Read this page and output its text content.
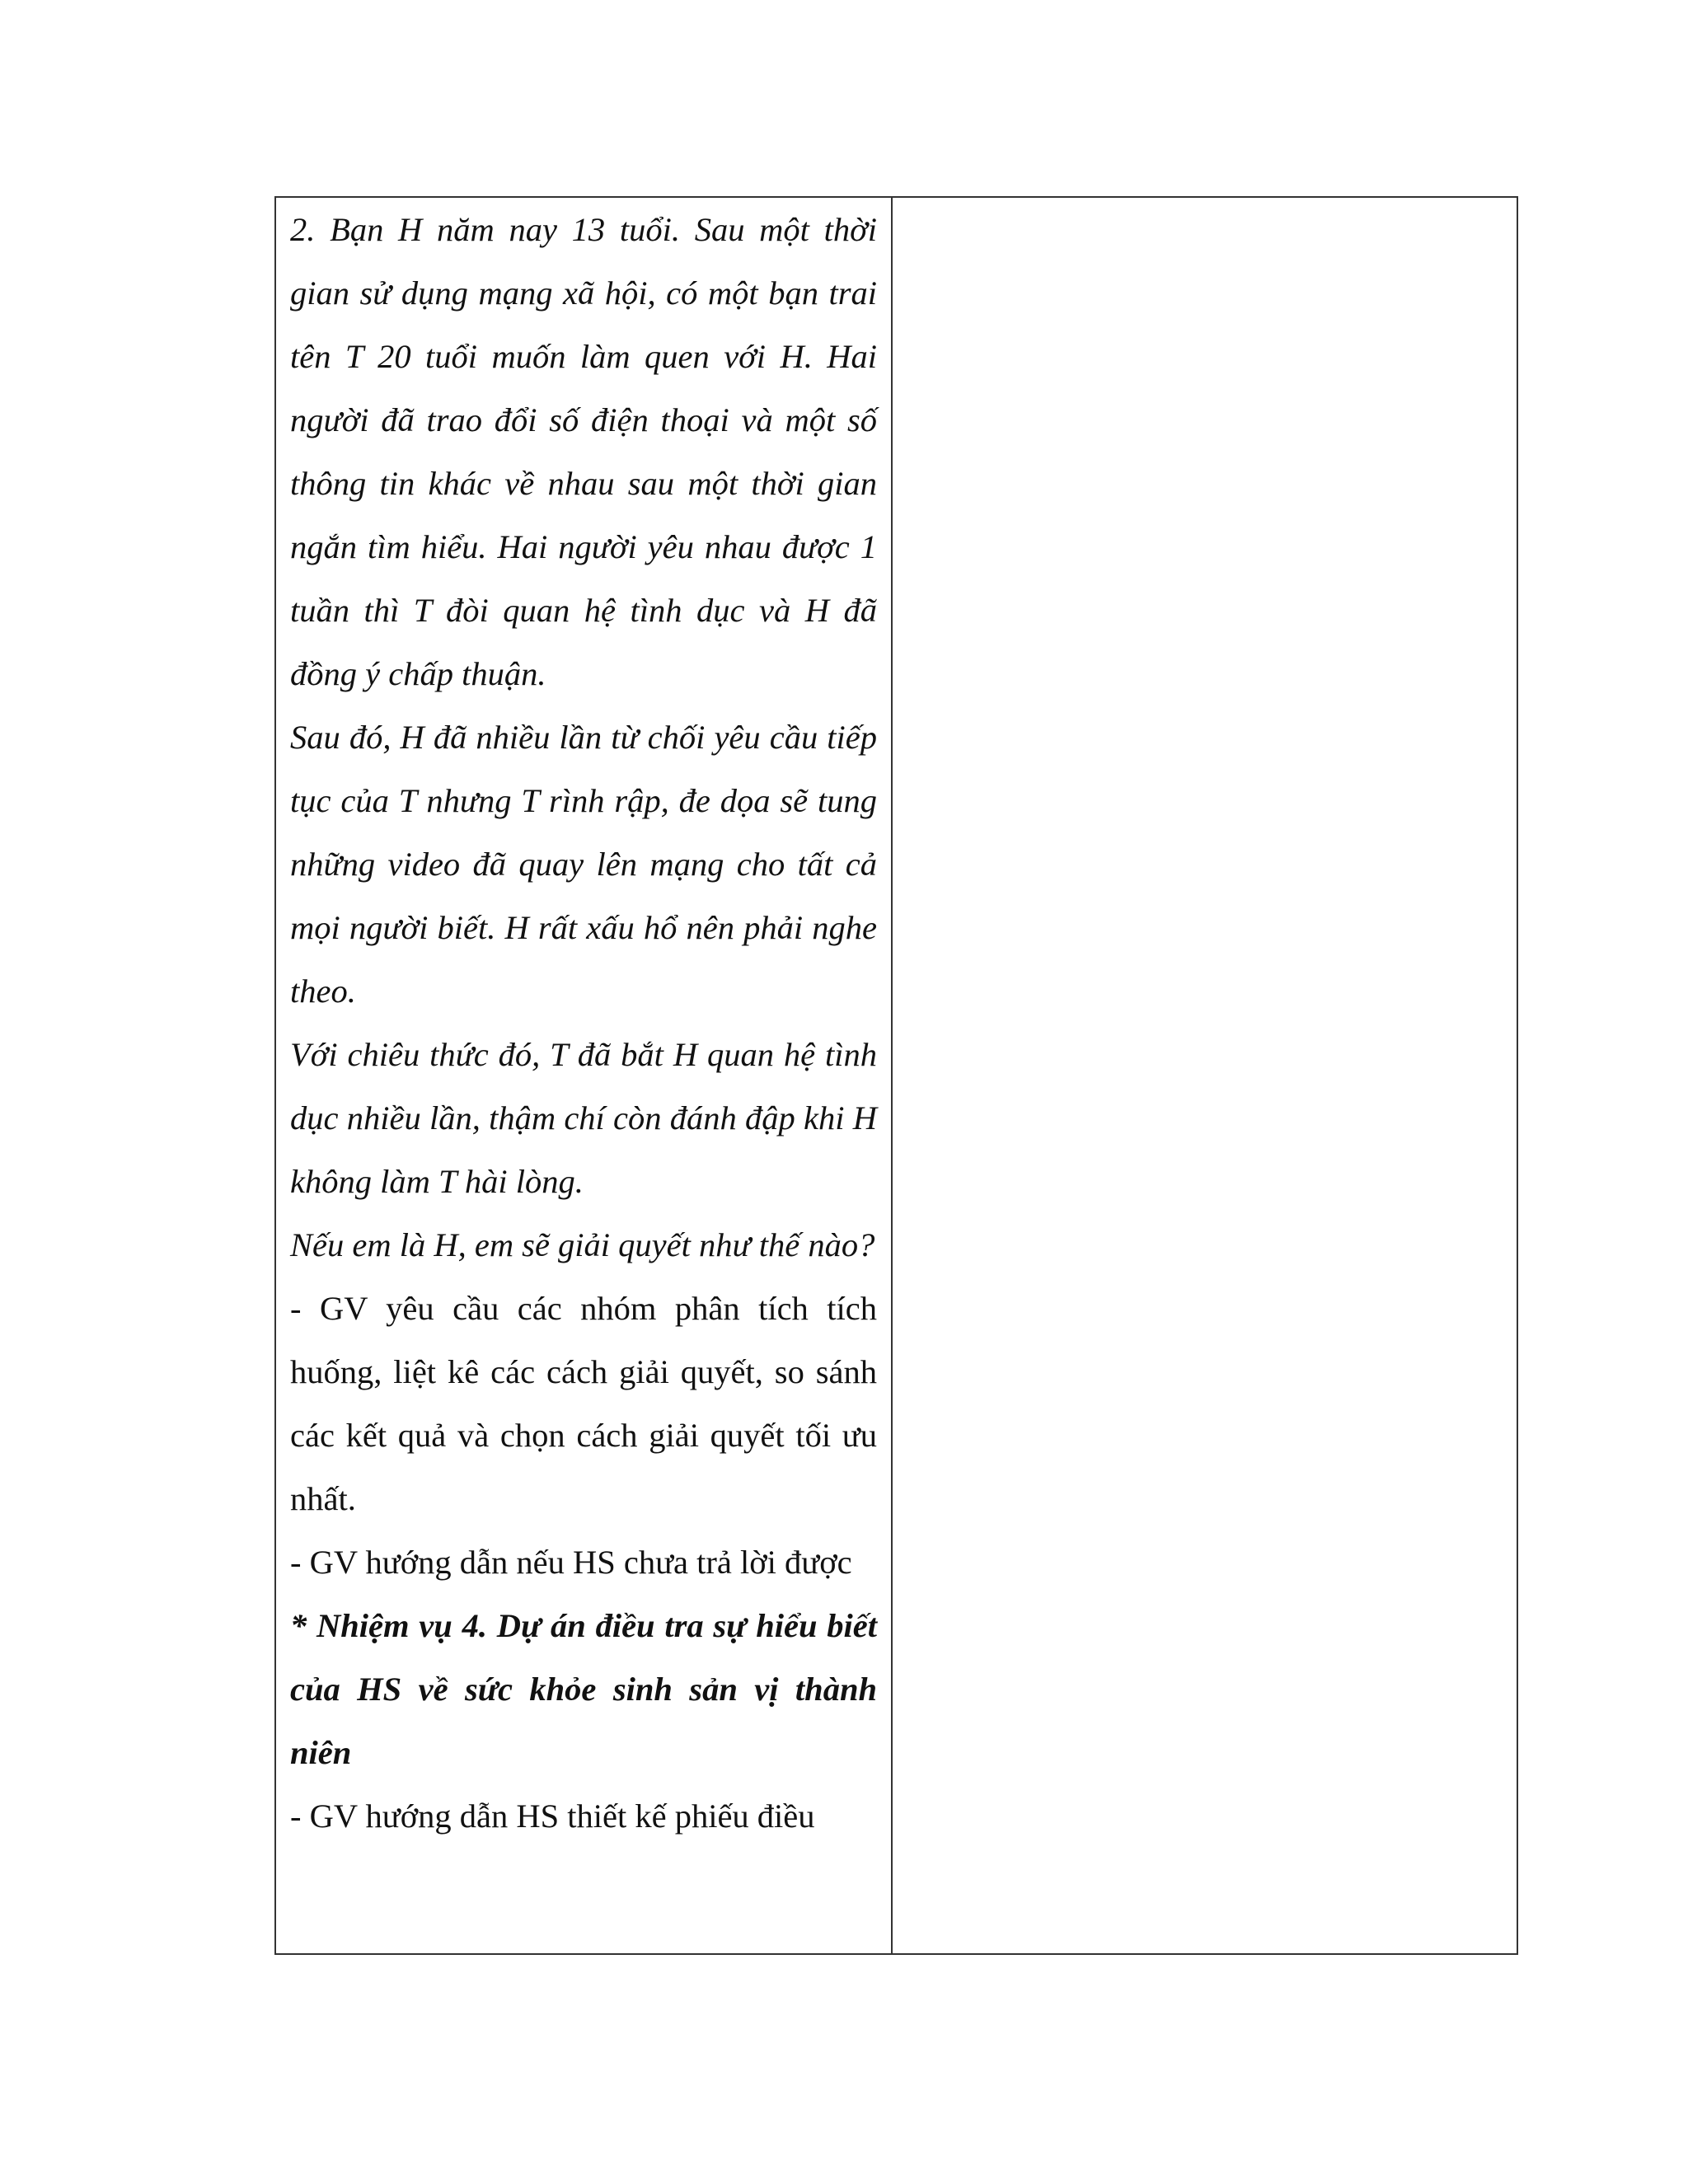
2. Bạn H năm nay 13 tuổi. Sau một thời gian sử dụng mạng xã hội, có một bạn trai tên T 20 tuổi muốn làm quen với H. Hai người đã trao đổi số điện thoại và một số thông tin khác về nhau sau một thời gian ngắn tìm hiểu. Hai người yêu nhau được 1 tuần thì T đòi quan hệ tình dục và H đã đồng ý chấp thuận.

Sau đó, H đã nhiều lần từ chối yêu cầu tiếp tục của T nhưng T rình rập, đe dọa sẽ tung những video đã quay lên mạng cho tất cả mọi người biết. H rất xấu hổ nên phải nghe theo.

Với chiêu thức đó, T đã bắt H quan hệ tình dục nhiều lần, thậm chí còn đánh đập khi H không làm T hài lòng.

Nếu em là H, em sẽ giải quyết như thế nào?

- GV yêu cầu các nhóm phân tích tích huống, liệt kê các cách giải quyết, so sánh các kết quả và chọn cách giải quyết tối ưu nhất.

- GV hướng dẫn nếu HS chưa trả lời được

* Nhiệm vụ 4. Dự án điều tra sự hiểu biết của HS về sức khỏe sinh sản vị thành niên

- GV hướng dẫn HS thiết kế phiếu điều
